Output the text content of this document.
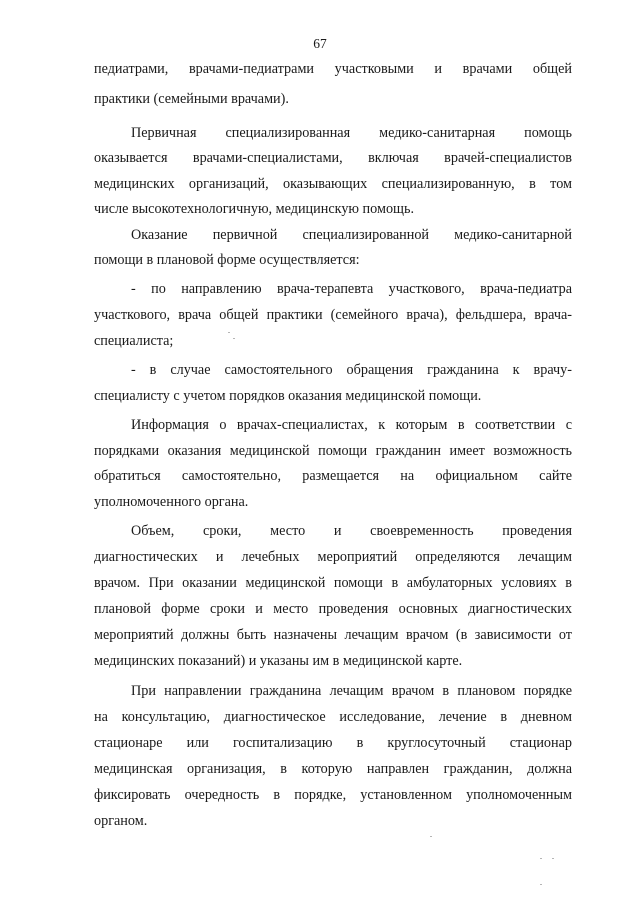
67
педиатрами, врачами-педиатрами участковыми и врачами общей
практики (семейными врачами).
Первичная специализированная медико-санитарная помощь
оказывается врачами-специалистами, включая врачей-специалистов
медицинских организаций, оказывающих специализированную, в том
числе высокотехнологичную, медицинскую помощь.
Оказание первичной специализированной медико-санитарной
помощи в плановой форме осуществляется:
- по направлению врача-терапевта участкового, врача-педиатра
участкового, врача общей практики (семейного врача), фельдшера, врача-
специалиста;
- в случае самостоятельного обращения гражданина к врачу-
специалисту с учетом порядков оказания медицинской помощи.
Информация о врачах-специалистах, к которым в соответствии с
порядками оказания медицинской помощи гражданин имеет возможность
обратиться самостоятельно, размещается на официальном сайте
уполномоченного органа.
Объем, сроки, место и своевременность проведения
диагностических и лечебных мероприятий определяются лечащим
врачом. При оказании медицинской помощи в амбулаторных условиях в
плановой форме сроки и место проведения основных диагностических
мероприятий должны быть назначены лечащим врачом (в зависимости от
медицинских показаний) и указаны им в медицинской карте.
При направлении гражданина лечащим врачом в плановом порядке
на консультацию, диагностическое исследование, лечение в дневном
стационаре или госпитализацию в круглосуточный стационар
медицинская организация, в которую направлен гражданин, должна
фиксировать очередность в порядке, установленном уполномоченным
органом.
